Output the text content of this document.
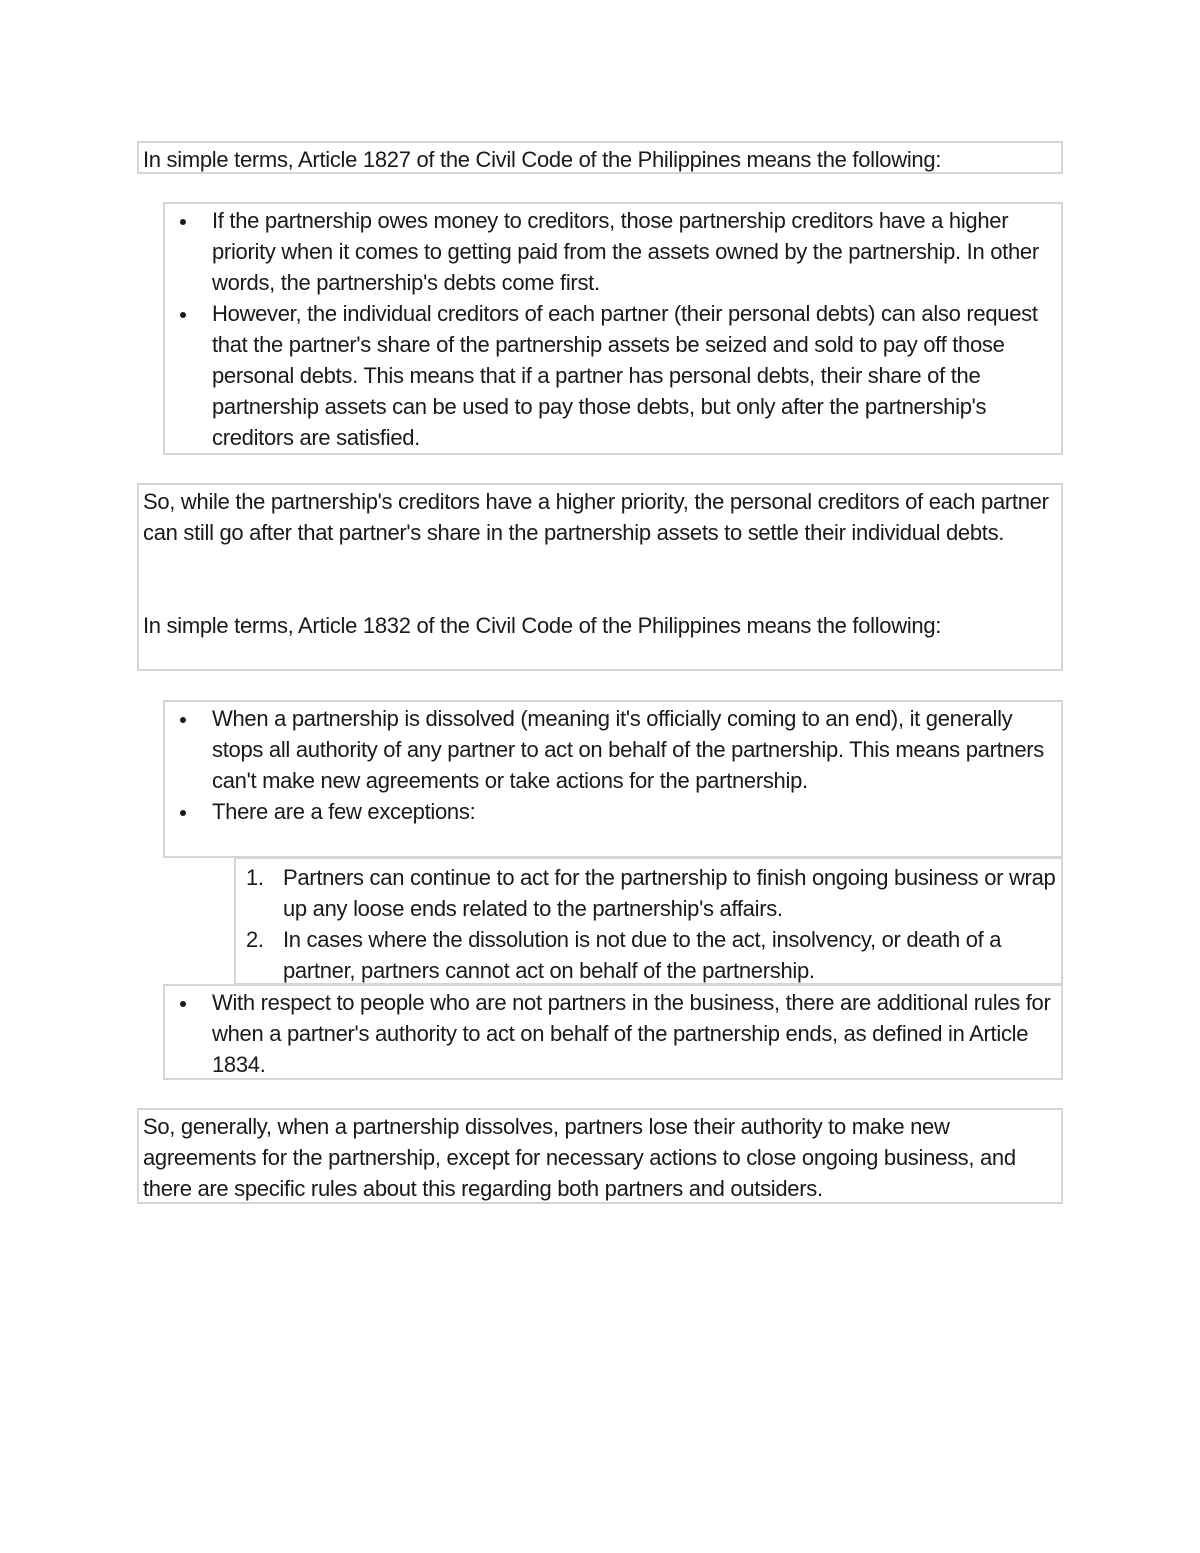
In simple terms, Article 1827 of the Civil Code of the Philippines means the following:
If the partnership owes money to creditors, those partnership creditors have a higher priority when it comes to getting paid from the assets owned by the partnership. In other words, the partnership's debts come first.
However, the individual creditors of each partner (their personal debts) can also request that the partner's share of the partnership assets be seized and sold to pay off those personal debts. This means that if a partner has personal debts, their share of the partnership assets can be used to pay those debts, but only after the partnership's creditors are satisfied.
So, while the partnership's creditors have a higher priority, the personal creditors of each partner can still go after that partner's share in the partnership assets to settle their individual debts.
In simple terms, Article 1832 of the Civil Code of the Philippines means the following:
When a partnership is dissolved (meaning it's officially coming to an end), it generally stops all authority of any partner to act on behalf of the partnership. This means partners can't make new agreements or take actions for the partnership.
There are a few exceptions:
1. Partners can continue to act for the partnership to finish ongoing business or wrap up any loose ends related to the partnership's affairs.
2. In cases where the dissolution is not due to the act, insolvency, or death of a partner, partners cannot act on behalf of the partnership.
With respect to people who are not partners in the business, there are additional rules for when a partner's authority to act on behalf of the partnership ends, as defined in Article 1834.
So, generally, when a partnership dissolves, partners lose their authority to make new agreements for the partnership, except for necessary actions to close ongoing business, and there are specific rules about this regarding both partners and outsiders.
